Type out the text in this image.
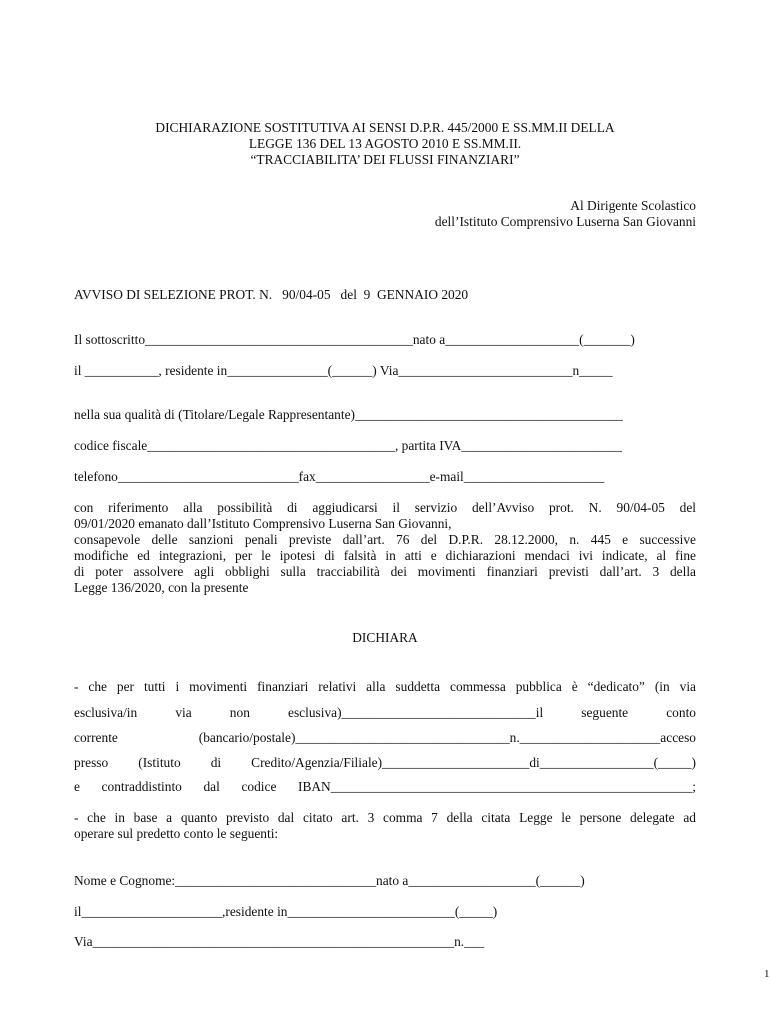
DICHIARAZIONE SOSTITUTIVA AI SENSI D.P.R. 445/2000 E SS.MM.II DELLA
LEGGE 136 DEL 13 AGOSTO 2010 E SS.MM.II.
“TRACCIABILITA’ DEI FLUSSI FINANZIARI”
Al Dirigente Scolastico
dell’Istituto Comprensivo Luserna San Giovanni
AVVISO DI SELEZIONE PROT. N.   90/04-05   del  9  GENNAIO 2020
Il sottoscritto________________________________________nato a____________________(_______)
il ___________, residente in_______________(______) Via__________________________n_____
nella sua qualità di (Titolare/Legale Rappresentante)________________________________________
codice fiscale_____________________________________, partita IVA________________________
telefono___________________________fax_________________e-mail_____________________
con riferimento alla possibilità di aggiudicarsi il servizio dell’Avviso prot. N. 90/04-05 del
09/01/2020 emanato dall’Istituto Comprensivo Luserna San Giovanni,
consapevole delle sanzioni penali previste dall’art. 76 del D.P.R. 28.12.2000, n. 445 e successive
modifiche ed integrazioni, per le ipotesi di falsità in atti e dichiarazioni mendaci ivi indicate, al fine
di poter assolvere agli obblighi sulla tracciabilità dei movimenti finanziari previsti dall’art. 3 della
Legge 136/2020, con la presente
DICHIARA
- che per tutti i movimenti finanziari relativi alla suddetta commessa pubblica è “dedicato” (in via
esclusiva/in via non esclusiva)_____________________________il seguente conto
corrente (bancario/postale)________________________________n._____________________acceso
presso (Istituto di Credito/Agenzia/Filiale)______________________di_________________(_____)
e contraddistinto dal codice IBAN______________________________________________________;
- che in base a quanto previsto dal citato art. 3 comma 7 della citata Legge le persone delegate ad
operare sul predetto conto le seguenti:
Nome e Cognome:______________________________nato a___________________(______)
il_____________________,residente in_________________________(_____)
Via______________________________________________________n.___
1
